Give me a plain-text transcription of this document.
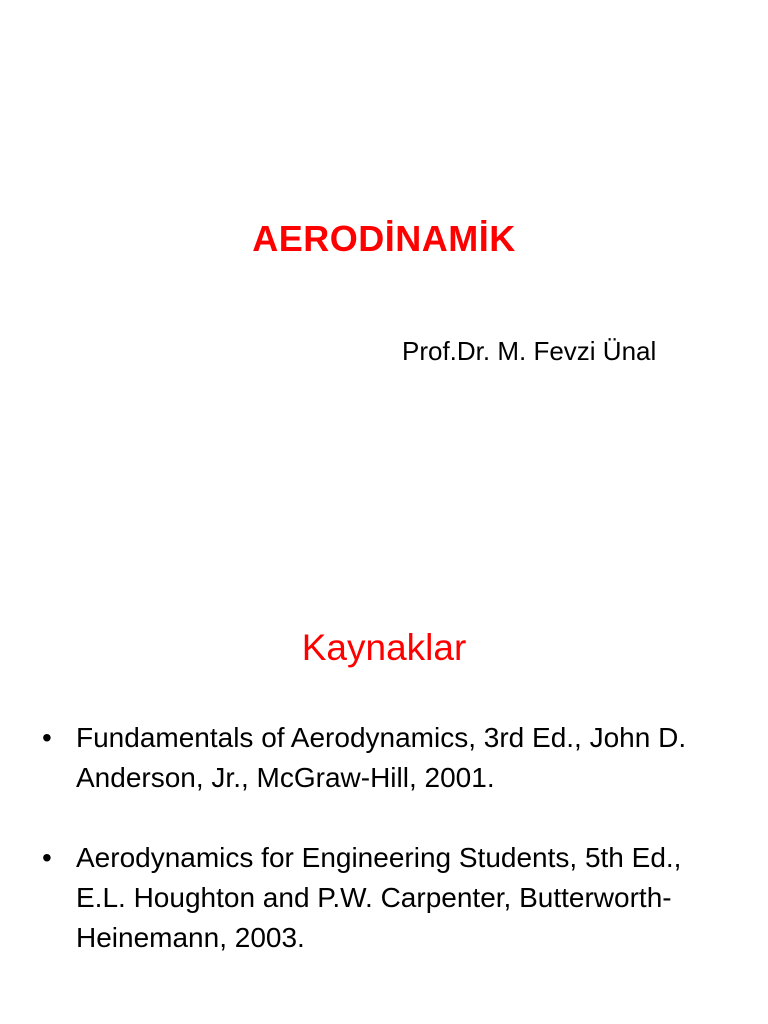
AERODİNAMİK
Prof.Dr. M. Fevzi Ünal
Kaynaklar
• Fundamentals of Aerodynamics, 3rd Ed., John D. Anderson, Jr., McGraw-Hill, 2001.
• Aerodynamics for Engineering Students, 5th Ed., E.L. Houghton and P.W. Carpenter, Butterworth-Heinemann, 2003.
